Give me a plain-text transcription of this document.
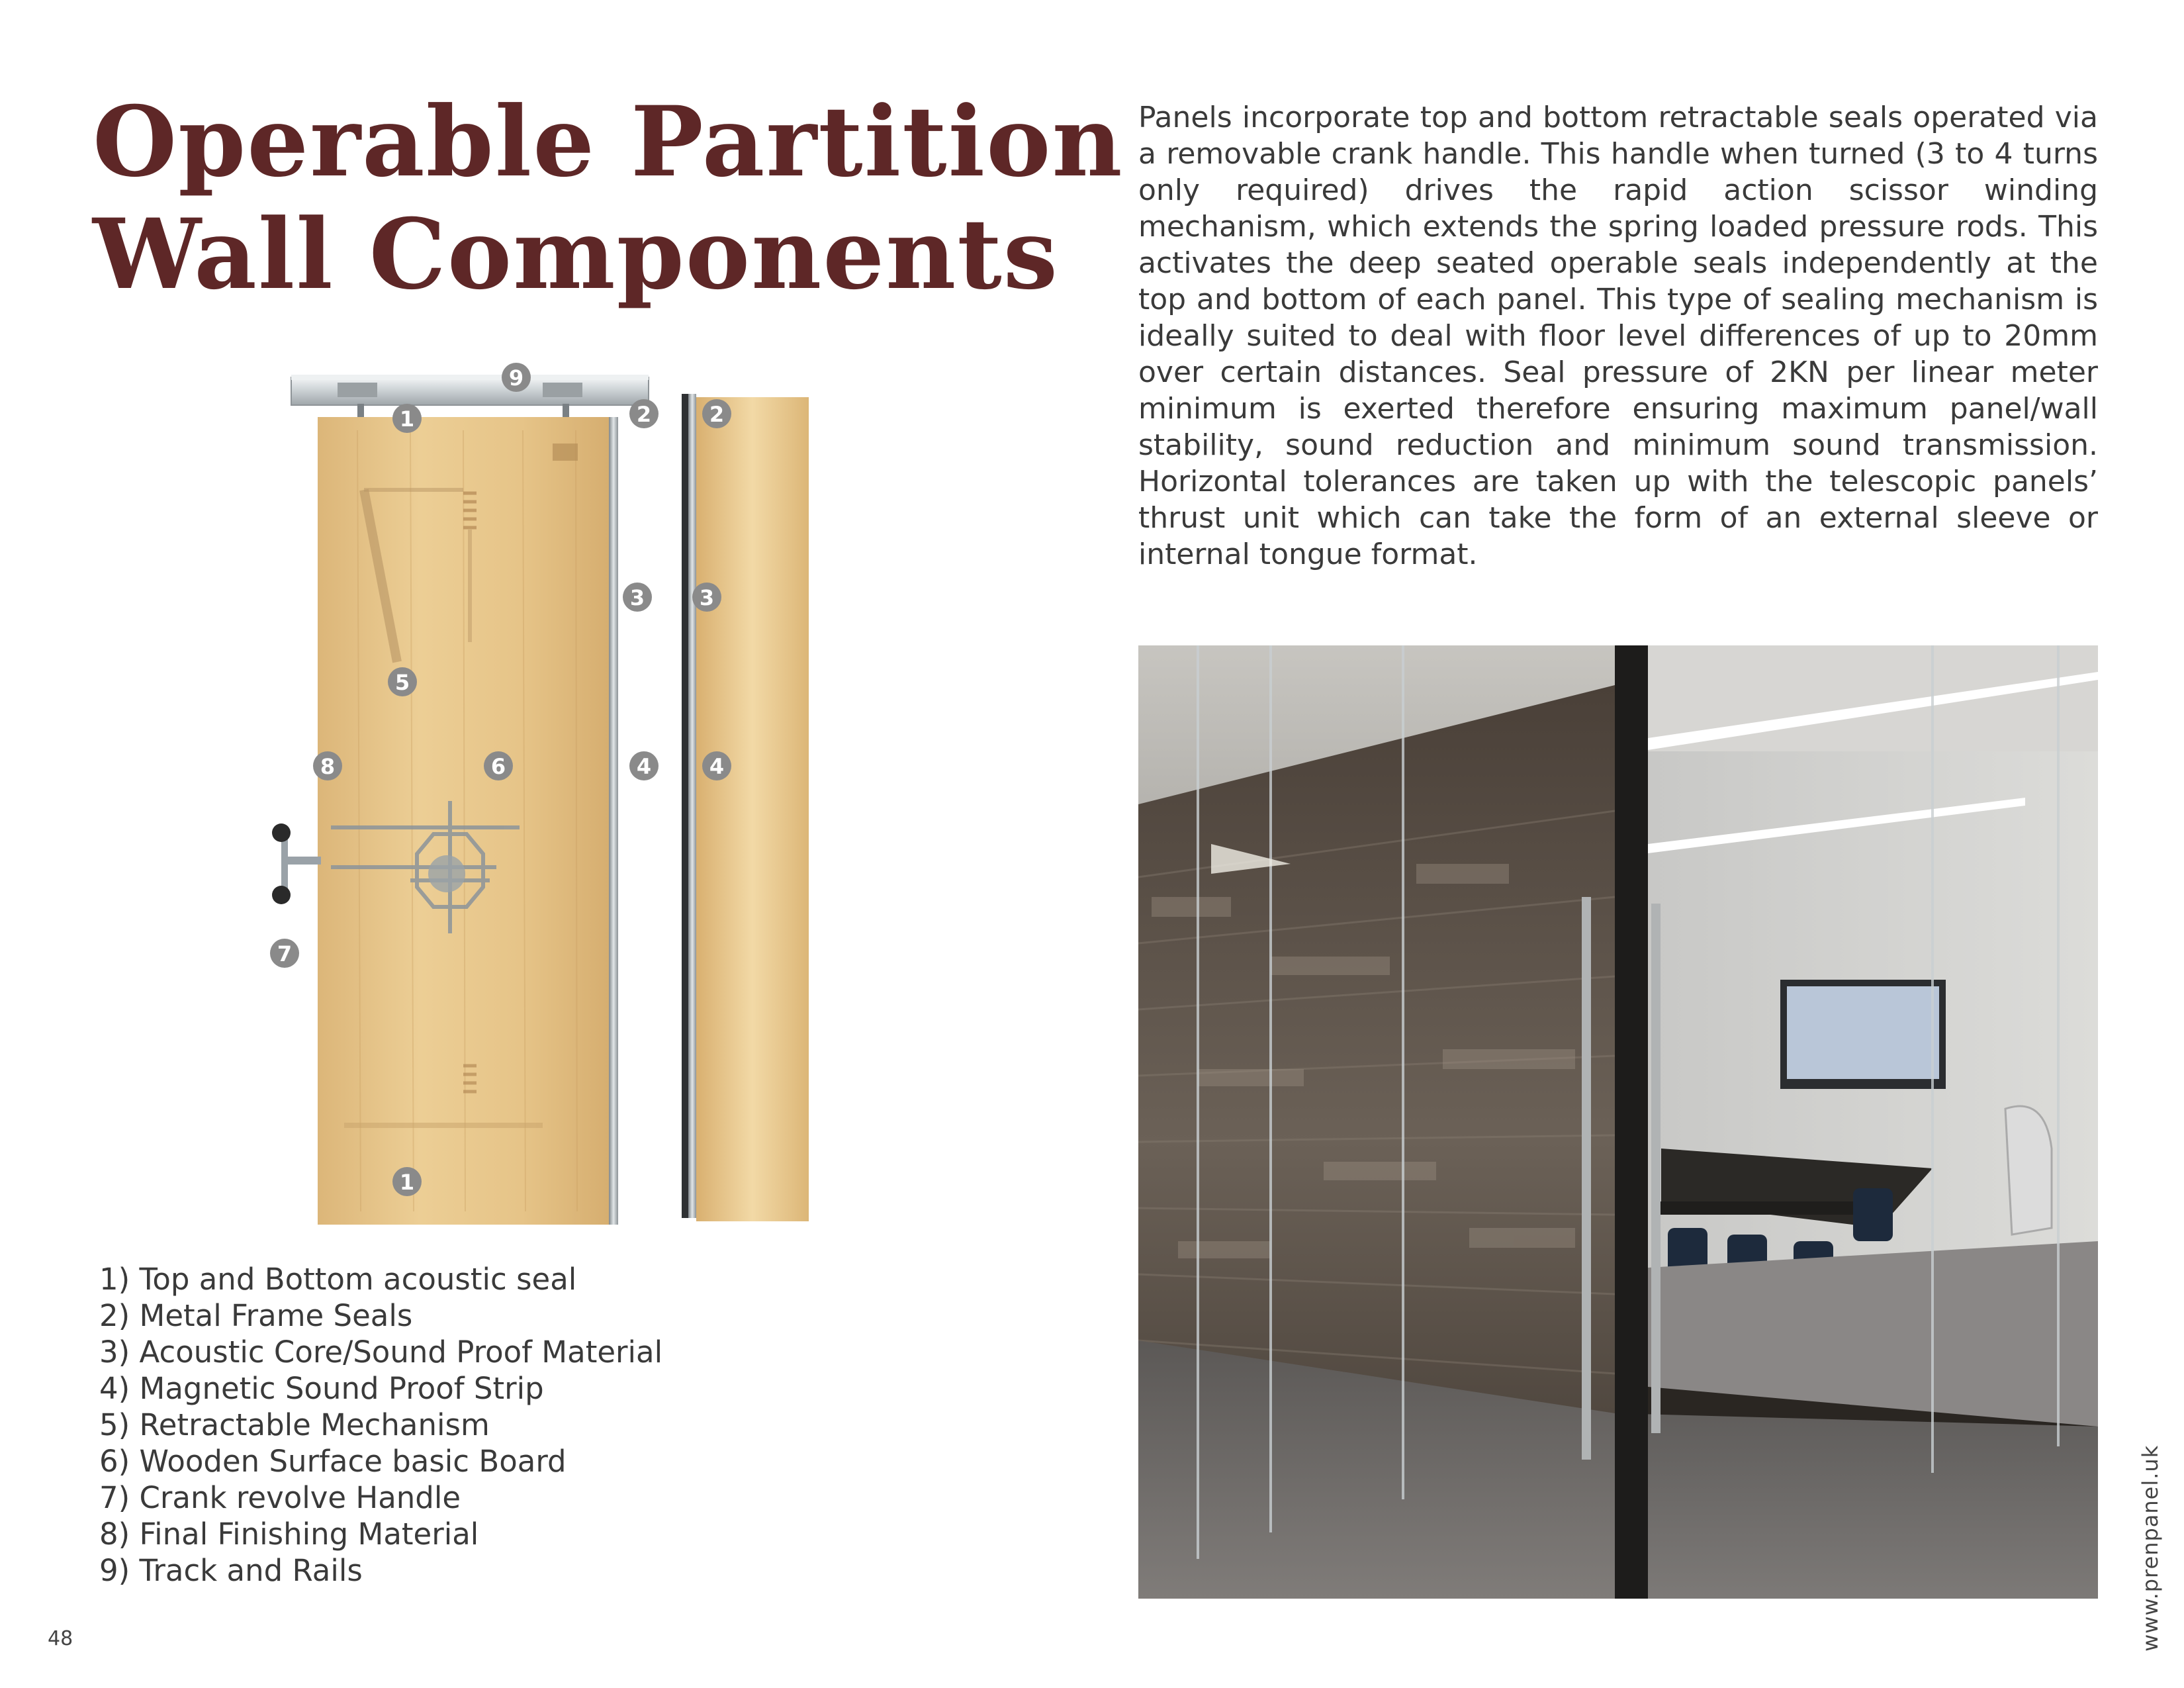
Operable Partition
Wall Components

Panels incorporate top and bottom retractable seals operated via a removable crank handle. This handle when turned (3 to 4 turns only required) drives the rapid action scissor winding mechanism, which extends the spring loaded pressure rods. This activates the deep seated operable seals independently at the top and bottom of each panel. This type of sealing mechanism is ideally suited to deal with floor level differences of up to 20mm over certain distances. Seal pressure of 2KN per linear meter minimum is exerted therefore ensuring maximum panel/wall stability, sound reduction and minimum sound transmission. Horizontal tolerances are taken up with the telescopic panels’ thrust unit which can take the form of an external sleeve or internal tongue format.

9
1	2	2
3	3
5
8	6	4	4
7
1
1) Top and Bottom acoustic seal
2) Metal Frame Seals
3) Acoustic Core/Sound Proof Material
4) Magnetic Sound Proof Strip
5) Retractable Mechanism
6) Wooden Surface basic Board
7) Crank revolve Handle
8) Final Finishing Material
9) Track and Rails
48	www.prenpanel.uk
